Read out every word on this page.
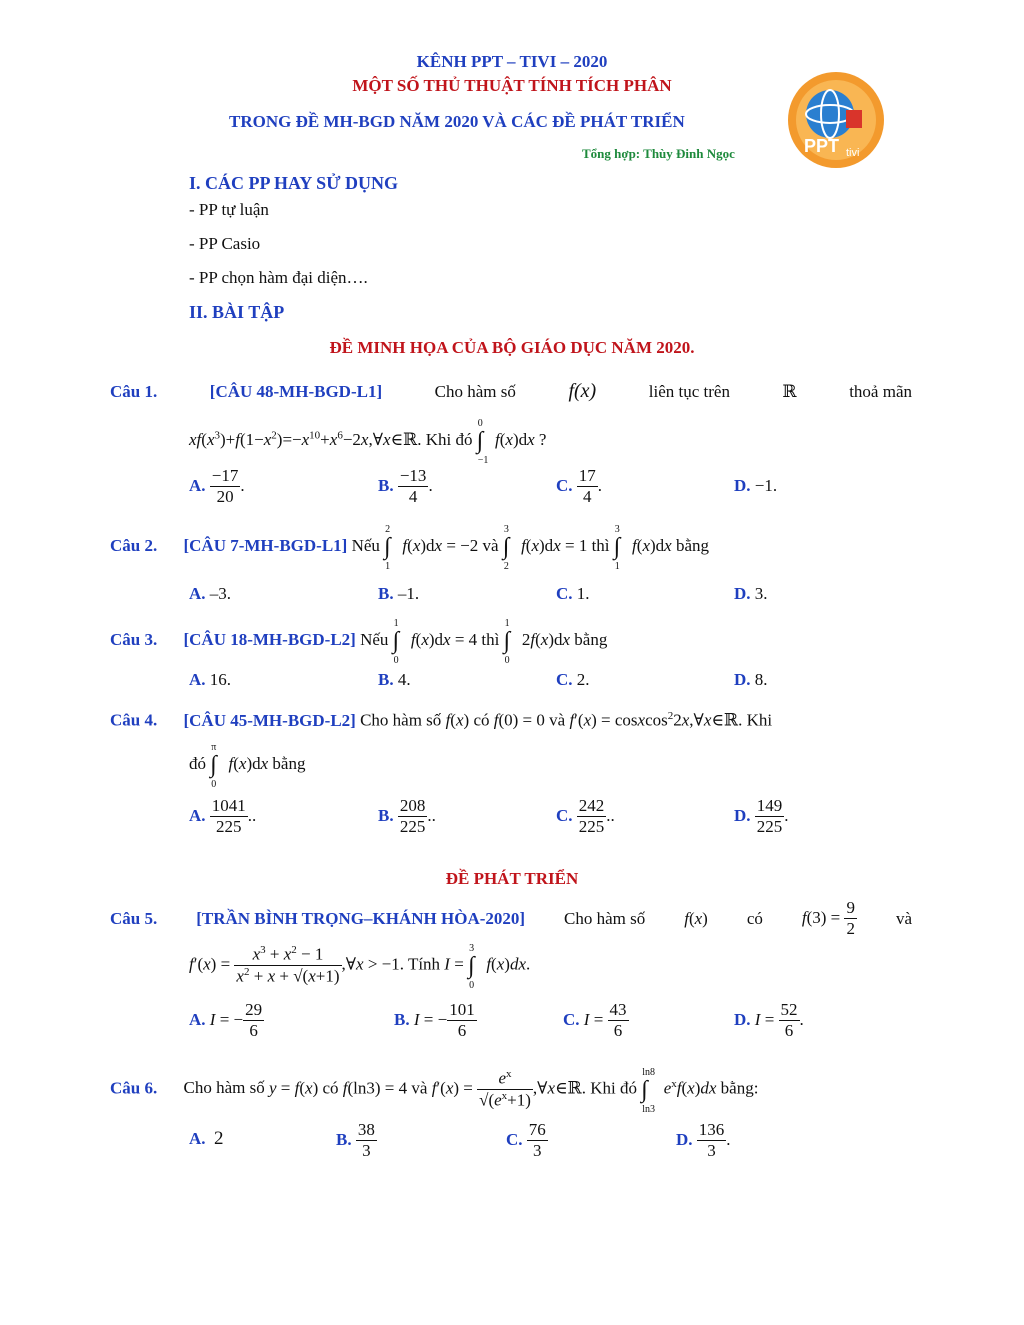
KÊNH PPT – TIVI – 2020
MỘT SỐ THỦ THUẬT TÍNH TÍCH PHÂN
TRONG ĐỀ MH-BGD NĂM 2020 VÀ CÁC ĐỀ PHÁT TRIỂN
Tổng hợp: Thùy Đinh Ngọc	PPT tivi
I. CÁC PP HAY SỬ DỤNG
- PP tự luận
- PP Casio
- PP chọn hàm đại diện….
II. BÀI TẬP
ĐỀ MINH HỌA CỦA BỘ GIÁO DỤC NĂM 2020.
Câu 1.	[CÂU 48-MH-BGD-L1]	Cho hàm số	f(x)	liên tục trên	ℝ	thoả mãn
$xf(x^3)+f(1-x^2)=-x^{10}+x^6-2x,\forall x\in ℝ$. Khi đó
0
∫
−1
f(x)dx ?
A. $\frac{-17}{20}$ .	B. $\frac{-13}{4}$ .	C. $\frac{17}{4}$ .	D. −1.
Câu 2. [CÂU 7-MH-BGD-L1] Nếu
2
∫
1
f(x)dx = −2 và
3
∫
2
f(x)dx = 1 thì
3
∫
1
f(x)dx bằng
A. –3.	B. –1.	C. 1.	D. 3.
Câu 3. [CÂU 18-MH-BGD-L2] Nếu
1
∫
0
f(x)dx = 4 thì
1
∫
0
2f(x)dx bằng
A. 16.	B. 4.	C. 2.	D. 8.
Câu 4. [CÂU 45-MH-BGD-L2] Cho hàm số f(x) có f(0) = 0 và f′(x) = cosxcos$^2$2x,∀x∈ℝ. Khi
đó
π
∫
0
f(x)dx bằng
A. $\frac{1041}{225}$ ..	B. $\frac{208}{225}$ ..	C. $\frac{242}{225}$ ..	D. $\frac{149}{225}$ .
ĐỀ PHÁT TRIỂN
Câu 5. [TRẦN BÌNH TRỌNG–KHÁNH HÒA-2020] Cho hàm số f(x) có $f(3) = \frac{9}{2}$ và
$f'(x) = \frac{x^3 + x^2 - 1}{x^2 + x + √(x+1)}$ ,∀x > −1. Tính I =
3
∫
0
f(x)dx.
A. I = − $\frac{29}{6}$	B. I = − $\frac{101}{6}$	C. $I = \frac{43}{6}$	D. $I = \frac{52}{6}$ .
Câu 6. Cho hàm số y = f(x) có f(ln3) = 4 và $f'(x) = \frac{e^x}{√(e^x+1)}$ ,∀x∈ℝ. Khi đó
ln8
∫
ln3
$e^xf(x)dx$ bằng:
A. 2	B. $\frac{38}{3}$	C. $\frac{76}{3}$	D. $\frac{136}{3}$ .
